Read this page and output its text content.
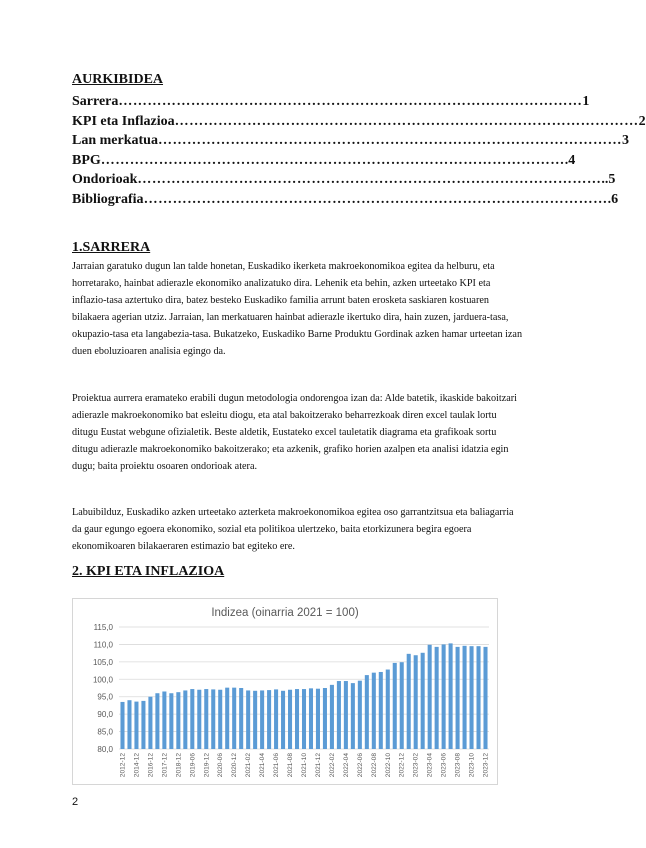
AURKIBIDEA
Sarrera …………………………………………………………………………………… 1
KPI eta Inflazioa …………………………………………………………………………………… 2
Lan merkatua …………………………………………………………………………………… 3
BPG …………………………………………………………………………………… .4
Ondorioak …………………………………………………………………………………… ..5
Bibliografia …………………………………………………………………………………… .6
1.SARRERA

Jarraian garatuko dugun lan talde honetan, Euskadiko ikerketa makroekonomikoa egitea da helburu, eta horretarako, hainbat adierazle ekonomiko analizatuko dira. Lehenik eta behin, azken urteetako KPI eta inflazio-tasa aztertuko dira, batez besteko Euskadiko familia arrunt baten erosketa saskiaren kostuaren bilakaera agerian utziz. Jarraian, lan merkatuaren hainbat adierazle ikertuko dira, hain zuzen, jarduera-tasa, okupazio-tasa eta langabezia-tasa. Bukatzeko, Euskadiko Barne Produktu Gordinak azken hamar urteetan izan duen eboluzioaren analisia egingo da.

Proiektua aurrera eramateko erabili dugun metodologia ondorengoa izan da: Alde batetik, ikaskide bakoitzari adierazle makroekonomiko bat esleitu diogu, eta atal bakoitzerako beharrezkoak diren excel taulak lortu ditugu Eustat webgune ofizialetik. Beste aldetik, Eustateko excel tauletatik diagrama eta grafikoak sortu ditugu adierazle makroekonomiko bakoitzerako; eta azkenik, grafiko horien azalpen eta analisi idatzia egin dugu; baita proiektu osoaren ondorioak atera.

Labuibilduz, Euskadiko azken urteetako azterketa makroekonomikoa egitea oso garrantzitsua eta baliagarria da gaur egungo egoera ekonomiko, sozial eta politikoa ulertzeko, baita etorkizunera begira egoera ekonomikoaren bilakaeraren estimazio bat egiteko ere.

2. KPI ETA INFLAZIOA
Indizea (oinarria 2021 = 100)
80,0
85,0
90,0
95,0
100,0
105,0
110,0
115,0
2012-12 2014-12 2016-12 2017-12 2018-12 2019-06 2019-12 2020-06 2020-12 2021-02 2021-04 2021-06 2021-08 2021-10 2021-12 2022-02 2022-04 2022-06 2022-08 2022-10 2022-12 2023-02 2023-04 2023-06 2023-08 2023-10 2023-12

2
